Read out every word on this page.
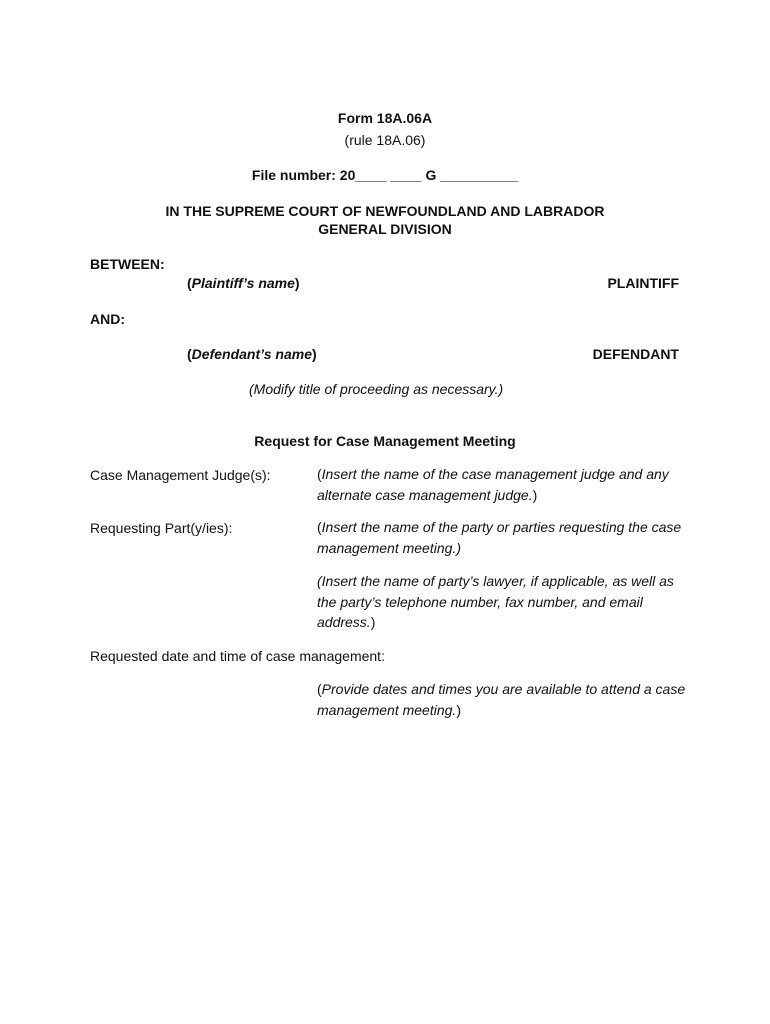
Form 18A.06A
(rule 18A.06)
File number: 20____ ____ G __________
IN THE SUPREME COURT OF NEWFOUNDLAND AND LABRADOR
GENERAL DIVISION
BETWEEN:
(Plaintiff’s name)	PLAINTIFF
AND:
(Defendant’s name)	DEFENDANT
(Modify title of proceeding as necessary.)
Request for Case Management Meeting
Case Management Judge(s):	(Insert the name of the case management judge and any alternate case management judge.)
Requesting Part(y/ies):	(Insert the name of the party or parties requesting the case management meeting.)
(Insert the name of party’s lawyer, if applicable, as well as the party’s telephone number, fax number, and email address.)
Requested date and time of case management:
(Provide dates and times you are available to attend a case management meeting.)
